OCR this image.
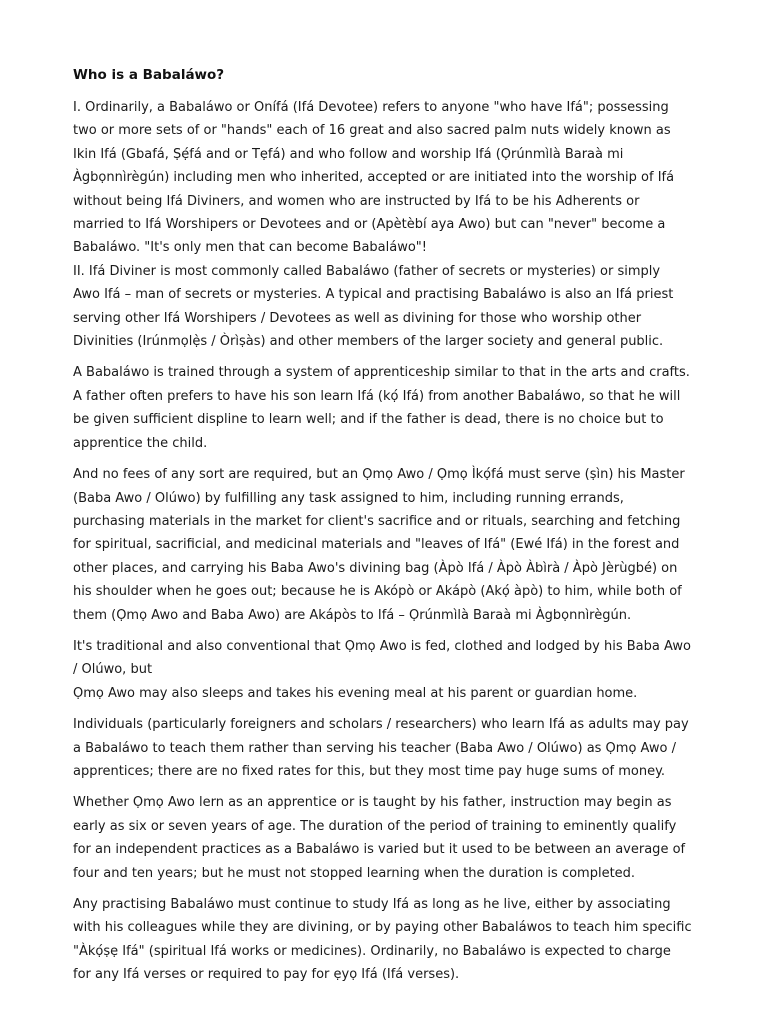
Who is a Babaláwo?
I. Ordinarily, a Babaláwo or Onífá (Ifá Devotee) refers to anyone "who have Ifá"; possessing
two or more sets of or "hands" each of 16 great and also sacred palm nuts widely known as
Ikin Ifá (Gbafá, Ṣẹ́fá and or Tẹfá) and who follow and worship Ifá (Ọrúnmìlà Baraà mi
Àgbọnnìrègún) including men who inherited, accepted or are initiated into the worship of Ifá
without being Ifá Diviners, and women who are instructed by Ifá to be his Adherents or
married to Ifá Worshipers or Devotees and or (Apètèbí aya Awo) but can "never" become a
Babaláwo. "It's only men that can become Babaláwo"!
II. Ifá Diviner is most commonly called Babaláwo (father of secrets or mysteries) or simply
Awo Ifá – man of secrets or mysteries. A typical and practising Babaláwo is also an Ifá priest
serving other Ifá Worshipers / Devotees as well as divining for those who worship other
Divinities (Irúnmọlẹ̀s / Òrìṣàs) and other members of the larger society and general public.
A Babaláwo is trained through a system of apprenticeship similar to that in the arts and crafts.
A father often prefers to have his son learn Ifá (kọ́ Ifá) from another Babaláwo, so that he will
be given sufficient displine to learn well; and if the father is dead, there is no choice but to
apprentice the child.
And no fees of any sort are required, but an Ọmọ Awo / Ọmọ Ìkọ́fá must serve (ṣìn) his Master
(Baba Awo / Olúwo) by fulfilling any task assigned to him, including running errands,
purchasing materials in the market for client's sacrifice and or rituals, searching and fetching
for spiritual, sacrificial, and medicinal materials and "leaves of Ifá" (Ewé Ifá) in the forest and
other places, and carrying his Baba Awo's divining bag (Àpò Ifá / Àpò Àbìrà / Àpò Jèrùgbé) on
his shoulder when he goes out; because he is Akópò or Akápò (Akọ́ àpò) to him, while both of
them (Ọmọ Awo and Baba Awo) are Akápòs to Ifá – Ọrúnmìlà Baraà mi Àgbọnnìrègún.
It's traditional and also conventional that Ọmọ Awo is fed, clothed and lodged by his Baba Awo
/ Olúwo, but
Ọmọ Awo may also sleeps and takes his evening meal at his parent or guardian home.
Individuals (particularly foreigners and scholars / researchers) who learn Ifá as adults may pay
a Babaláwo to teach them rather than serving his teacher (Baba Awo / Olúwo) as Ọmọ Awo /
apprentices; there are no fixed rates for this, but they most time pay huge sums of money.
Whether Ọmọ Awo lern as an apprentice or is taught by his father, instruction may begin as
early as six or seven years of age. The duration of the period of training to eminently qualify
for an independent practices as a Babaláwo is varied but it used to be between an average of
four and ten years; but he must not stopped learning when the duration is completed.
Any practising Babaláwo must continue to study Ifá as long as he live, either by associating
with his colleagues while they are divining, or by paying other Babaláwos to teach him specific
"Àkọ́ṣẹ Ifá" (spiritual Ifá works or medicines). Ordinarily, no Babaláwo is expected to charge
for any Ifá verses or required to pay for ẹyọ Ifá (Ifá verses).
